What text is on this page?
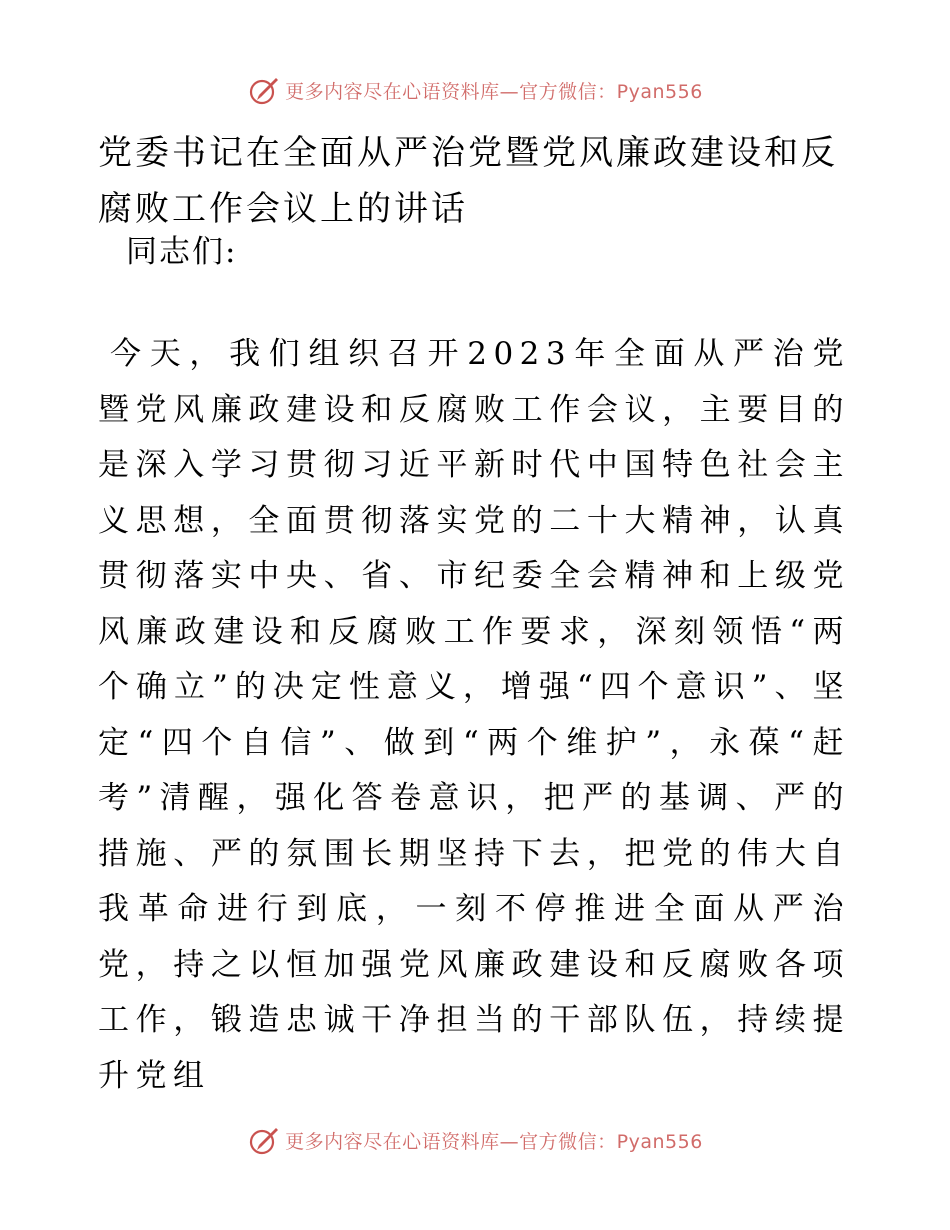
更多内容尽在心语资料库—官方微信：Pyan556
党委书记在全面从严治党暨党风廉政建设和反腐败工作会议上的讲话
同志们:

今天，我们组织召开2023年全面从严治党暨党风廉政建设和反腐败工作会议，主要目的是深入学习贯彻习近平新时代中国特色社会主义思想，全面贯彻落实党的二十大精神，认真贯彻落实中央、省、市纪委全会精神和上级党风廉政建设和反腐败工作要求，深刻领悟“两个确立”的决定性意义，增强“四个意识”、坚定“四个自信”、做到“两个维护”，永葆“赶考”清醒，强化答卷意识，把严的基调、严的措施、严的氛围长期坚持下去，把党的伟大自我革命进行到底，一刻不停推进全面从严治党，持之以恒加强党风廉政建设和反腐败各项工作，锻造忠诚干净担当的干部队伍，持续提升党组

更多内容尽在心语资料库—官方微信：Pyan556
